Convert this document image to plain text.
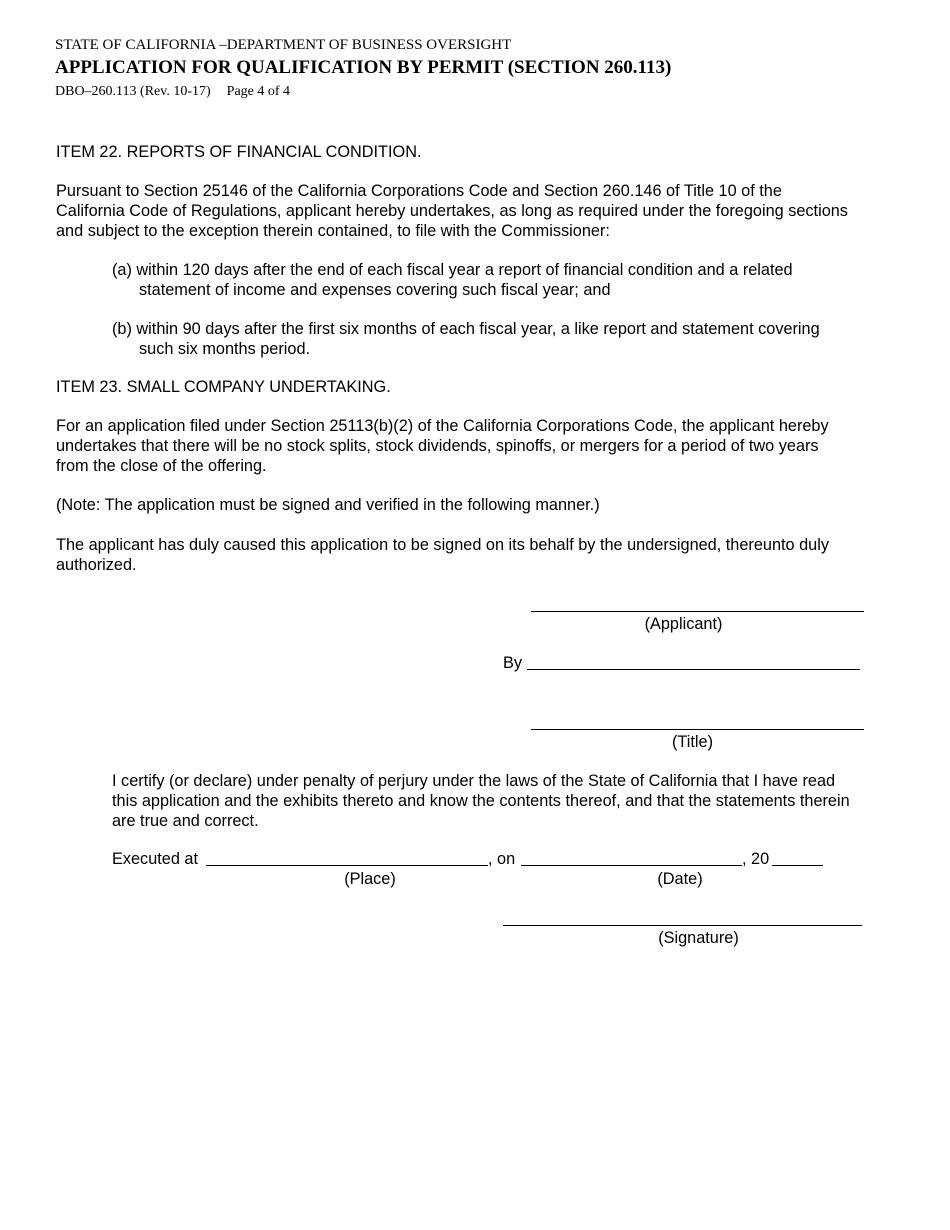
STATE OF CALIFORNIA –DEPARTMENT OF BUSINESS OVERSIGHT
APPLICATION FOR QUALIFICATION BY PERMIT (SECTION 260.113)
DBO–260.113 (Rev. 10-17) Page 4 of 4
ITEM 22. REPORTS OF FINANCIAL CONDITION.
Pursuant to Section 25146 of the California Corporations Code and Section 260.146 of Title 10 of the
California Code of Regulations, applicant hereby undertakes, as long as required under the foregoing sections
and subject to the exception therein contained, to file with the Commissioner:
(a) within 120 days after the end of each fiscal year a report of financial condition and a related
statement of income and expenses covering such fiscal year; and
(b) within 90 days after the first six months of each fiscal year, a like report and statement covering
such six months period.
ITEM 23. SMALL COMPANY UNDERTAKING.
For an application filed under Section 25113(b)(2) of the California Corporations Code, the applicant hereby
undertakes that there will be no stock splits, stock dividends, spinoffs, or mergers for a period of two years
from the close of the offering.
(Note: The application must be signed and verified in the following manner.)
The applicant has duly caused this application to be signed on its behalf by the undersigned, thereunto duly
authorized.
(Applicant)
By
(Title)
I certify (or declare) under penalty of perjury under the laws of the State of California that I have read
this application and the exhibits thereto and know the contents thereof, and that the statements therein
are true and correct.
Executed at	, on	, 20
(Place)	(Date)
(Signature)
